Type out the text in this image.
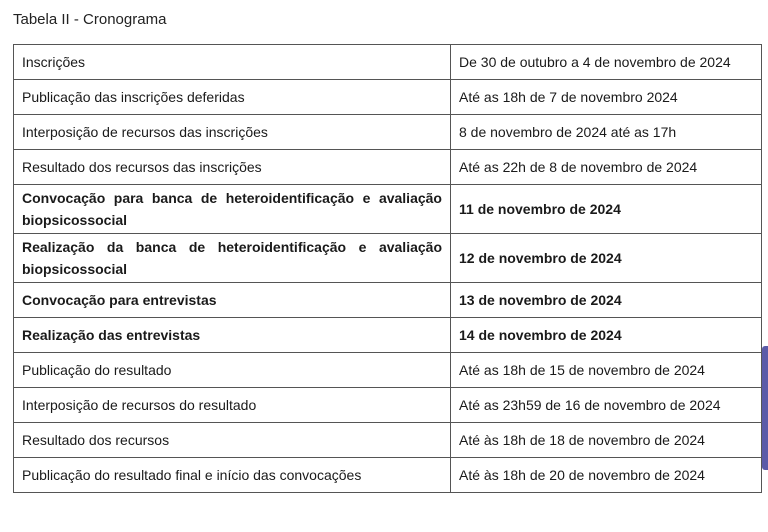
Tabela II - Cronograma
Inscrições	De 30 de outubro a 4 de novembro de 2024
Publicação das inscrições deferidas	Até as 18h de 7 de novembro 2024
Interposição de recursos das inscrições	8 de novembro de 2024 até as 17h
Resultado dos recursos das inscrições	Até as 22h de 8 de novembro de 2024
Convocação para banca de heteroidentificação e avaliação biopsicossocial	11 de novembro de 2024
Realização da banca de heteroidentificação e avaliação biopsicossocial	12 de novembro de 2024
Convocação para entrevistas	13 de novembro de 2024
Realização das entrevistas	14 de novembro de 2024
Publicação do resultado	Até as 18h de 15 de novembro de 2024
Interposição de recursos do resultado	Até as 23h59 de 16 de novembro de 2024
Resultado dos recursos	Até às 18h de 18 de novembro de 2024
Publicação do resultado final e início das convocações	Até às 18h de 20 de novembro de 2024
